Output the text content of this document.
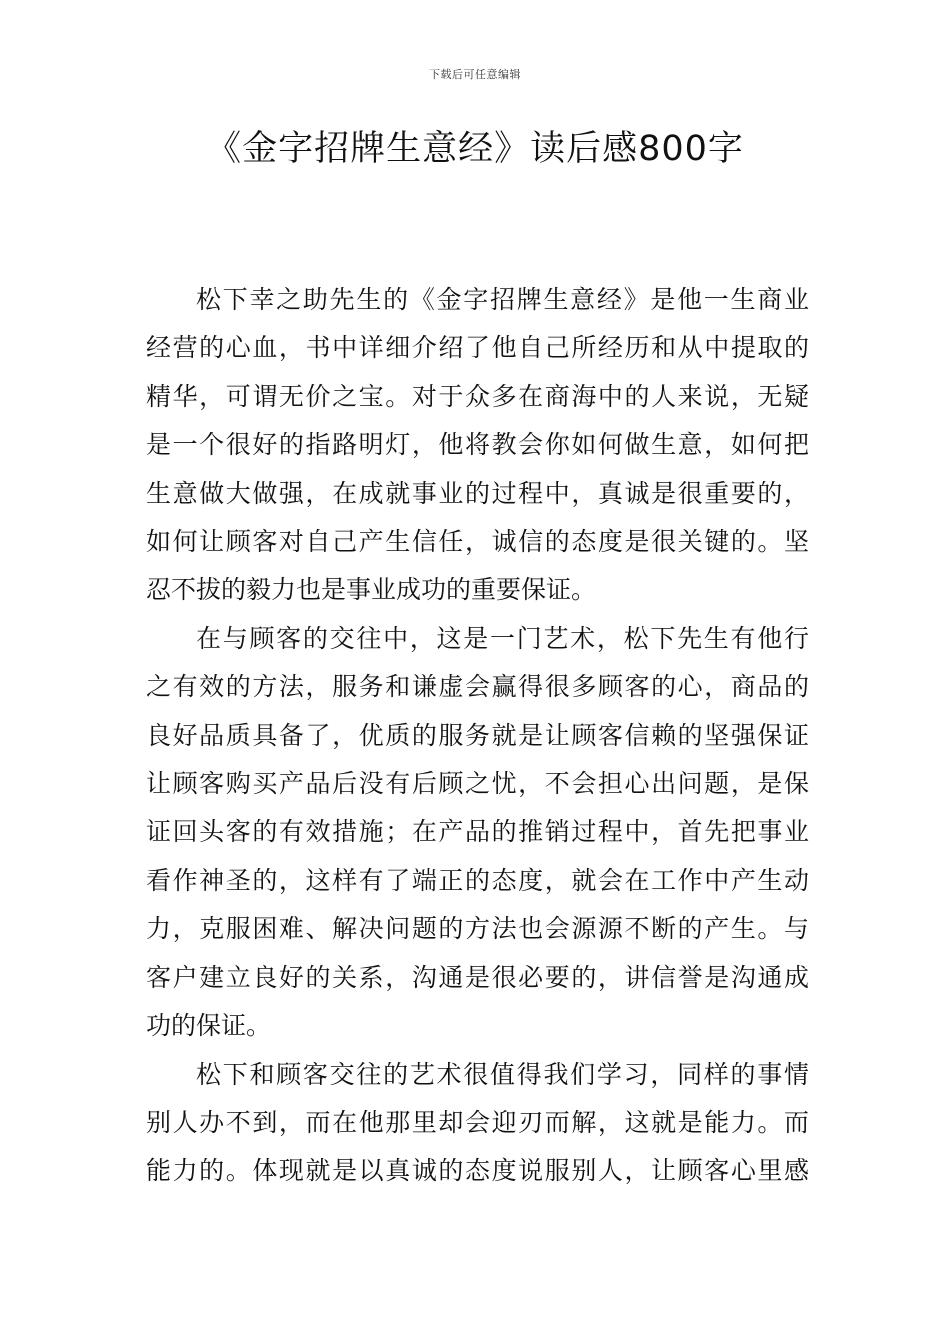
下载后可任意编辑
《金字招牌生意经》读后感800字
松下幸之助先生的《金字招牌生意经》是他一生商业
经营的心血，书中详细介绍了他自己所经历和从中提取的
精华，可谓无价之宝。对于众多在商海中的人来说，无疑
是一个很好的指路明灯，他将教会你如何做生意，如何把
生意做大做强，在成就事业的过程中，真诚是很重要的，
如何让顾客对自己产生信任，诚信的态度是很关键的。坚
忍不拔的毅力也是事业成功的重要保证。
在与顾客的交往中，这是一门艺术，松下先生有他行
之有效的方法，服务和谦虚会赢得很多顾客的心，商品的
良好品质具备了，优质的服务就是让顾客信赖的坚强保证
让顾客购买产品后没有后顾之忧，不会担心出问题，是保
证回头客的有效措施；在产品的推销过程中，首先把事业
看作神圣的，这样有了端正的态度，就会在工作中产生动
力，克服困难、解决问题的方法也会源源不断的产生。与
客户建立良好的关系，沟通是很必要的，讲信誉是沟通成
功的保证。
松下和顾客交往的艺术很值得我们学习，同样的事情
别人办不到，而在他那里却会迎刃而解，这就是能力。而
能力的。体现就是以真诚的态度说服别人，让顾客心里感
